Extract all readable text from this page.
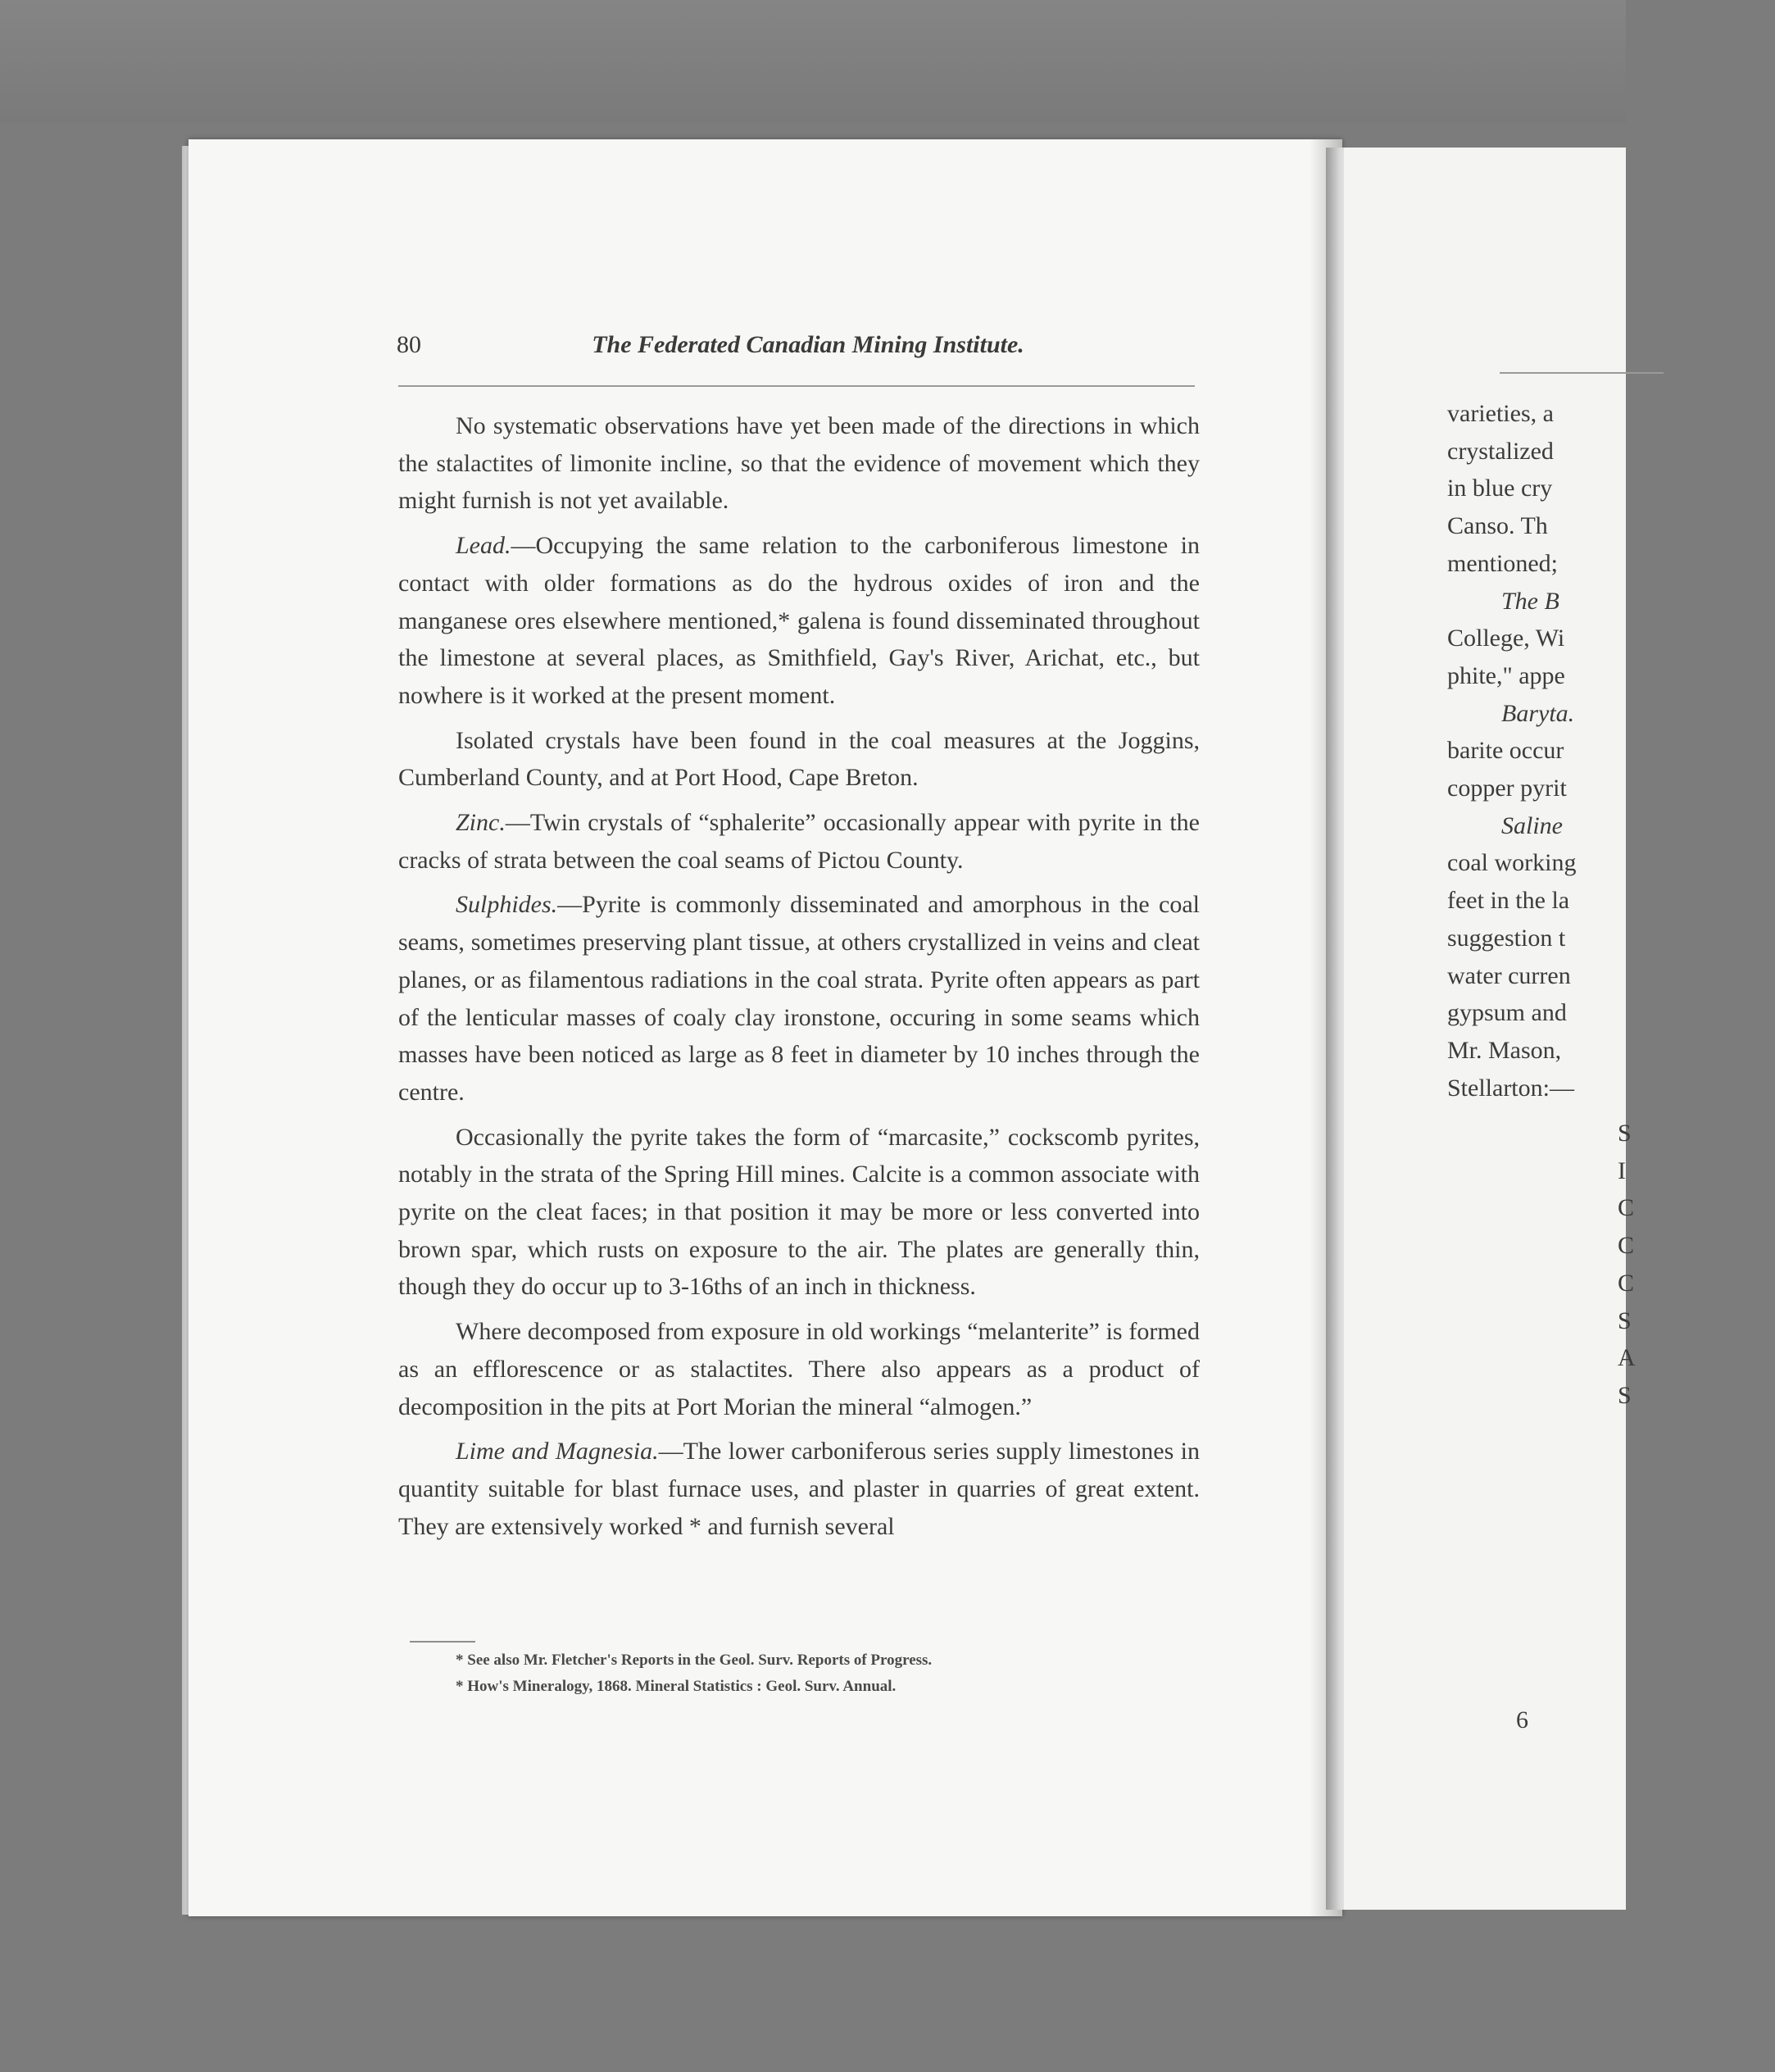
varieties, a
crystalized
in blue cry
Canso. Th
mentioned;
The B
College, Wi
phite," appe
Baryta.
barite occur
copper pyrit
Saline
coal working
feet in the la
suggestion t
water curren
gypsum and
Mr. Mason,
Stellarton:—
S
I
C
C
C
S
A
S
6
80	The Federated Canadian Mining Institute.

No systematic observations have yet been made of the directions in which the stalactites of limonite incline, so that the evidence of movement which they might furnish is not yet available.

Lead.—Occupying the same relation to the carboniferous limestone in contact with older formations as do the hydrous oxides of iron and the manganese ores elsewhere mentioned,* galena is found disseminated throughout the limestone at several places, as Smithfield, Gay's River, Arichat, etc., but nowhere is it worked at the present moment.

Isolated crystals have been found in the coal measures at the Joggins, Cumberland County, and at Port Hood, Cape Breton.

Zinc.—Twin crystals of “sphalerite” occasionally appear with pyrite in the cracks of strata between the coal seams of Pictou County.

Sulphides.—Pyrite is commonly disseminated and amorphous in the coal seams, sometimes preserving plant tissue, at others crystallized in veins and cleat planes, or as filamentous radiations in the coal strata. Pyrite often appears as part of the lenticular masses of coaly clay ironstone, occuring in some seams which masses have been noticed as large as 8 feet in diameter by 10 inches through the centre.

Occasionally the pyrite takes the form of “marcasite,” cockscomb pyrites, notably in the strata of the Spring Hill mines. Calcite is a common associate with pyrite on the cleat faces; in that position it may be more or less converted into brown spar, which rusts on exposure to the air. The plates are generally thin, though they do occur up to 3-16ths of an inch in thickness.

Where decomposed from exposure in old workings “melanterite” is formed as an efflorescence or as stalactites. There also appears as a product of decomposition in the pits at Port Morian the mineral “almogen.”

Lime and Magnesia.—The lower carboniferous series supply limestones in quantity suitable for blast furnace uses, and plaster in quarries of great extent. They are extensively worked * and furnish several

* See also Mr. Fletcher's Reports in the Geol. Surv. Reports of Progress.
* How's Mineralogy, 1868. Mineral Statistics : Geol. Surv. Annual.
